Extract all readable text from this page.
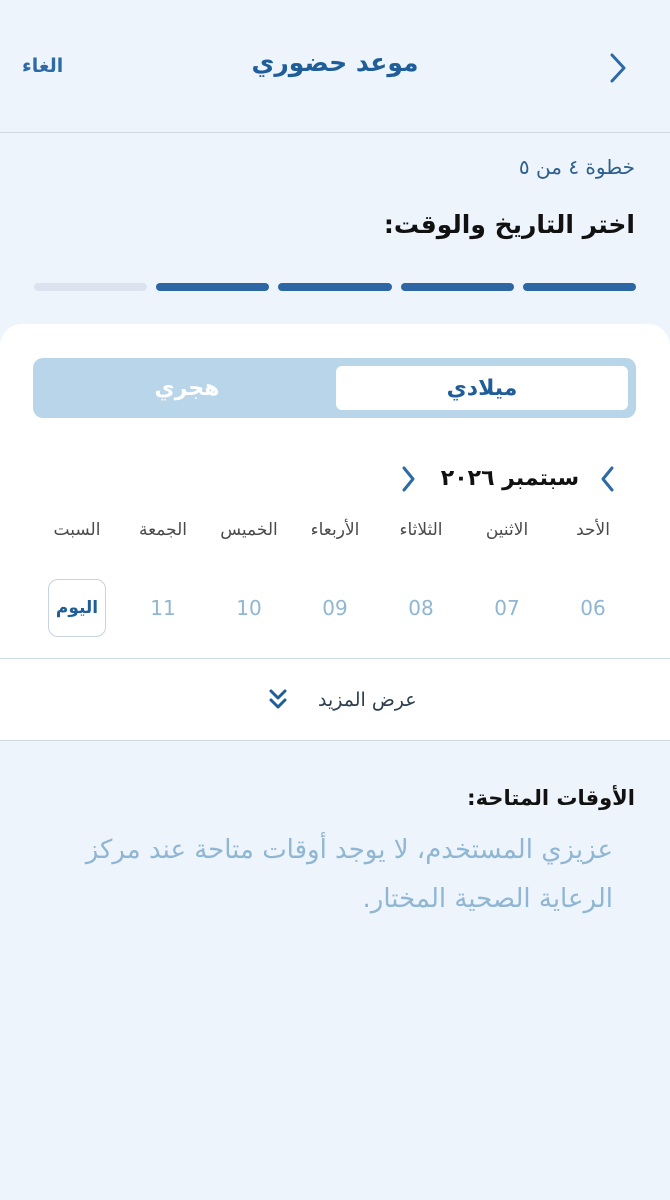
موعد حضوري
الغاء
خطوة ٤ من ٥
اختر التاريخ والوقت:
ميلادي
هجري
سبتمبر ٢٠٢٦
الأحد
الاثنين
الثلاثاء
الأربعاء
الخميس
الجمعة
السبت
06
07
08
09
10
11
اليوم
عرض المزيد
الأوقات المتاحة:
عزيزي المستخدم، لا يوجد أوقات متاحة عند مركز الرعاية الصحية المختار.
